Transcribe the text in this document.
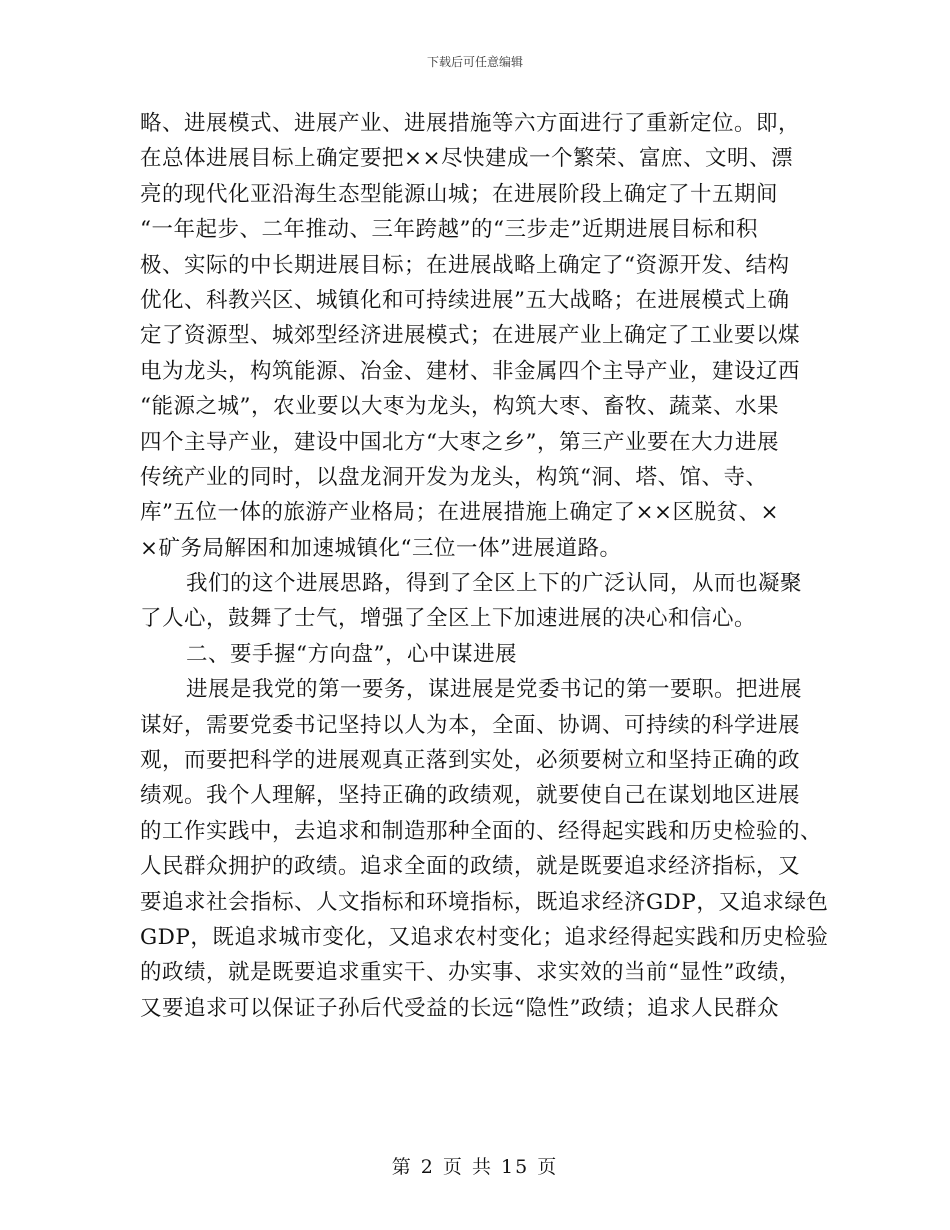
下载后可任意编辑
略、进展模式、进展产业、进展措施等六方面进行了重新定位。即，
在总体进展目标上确定要把××尽快建成一个繁荣、富庶、文明、漂
亮的现代化亚沿海生态型能源山城；在进展阶段上确定了十五期间
“一年起步、二年推动、三年跨越”的“三步走”近期进展目标和积
极、实际的中长期进展目标；在进展战略上确定了“资源开发、结构
优化、科教兴区、城镇化和可持续进展”五大战略；在进展模式上确
定了资源型、城郊型经济进展模式；在进展产业上确定了工业要以煤
电为龙头，构筑能源、冶金、建材、非金属四个主导产业，建设辽西
“能源之城”，农业要以大枣为龙头，构筑大枣、畜牧、蔬菜、水果
四个主导产业，建设中国北方“大枣之乡”，第三产业要在大力进展
传统产业的同时，以盘龙洞开发为龙头，构筑“洞、塔、馆、寺、
库”五位一体的旅游产业格局；在进展措施上确定了××区脱贫、×
×矿务局解困和加速城镇化“三位一体”进展道路。
我们的这个进展思路，得到了全区上下的广泛认同，从而也凝聚
了人心，鼓舞了士气，增强了全区上下加速进展的决心和信心。
二、要手握“方向盘”，心中谋进展
进展是我党的第一要务，谋进展是党委书记的第一要职。把进展
谋好，需要党委书记坚持以人为本，全面、协调、可持续的科学进展
观，而要把科学的进展观真正落到实处，必须要树立和坚持正确的政
绩观。我个人理解，坚持正确的政绩观，就要使自己在谋划地区进展
的工作实践中，去追求和制造那种全面的、经得起实践和历史检验的、
人民群众拥护的政绩。追求全面的政绩，就是既要追求经济指标，又
要追求社会指标、人文指标和环境指标，既追求经济GDP，又追求绿色
GDP，既追求城市变化，又追求农村变化；追求经得起实践和历史检验
的政绩，就是既要追求重实干、办实事、求实效的当前“显性”政绩，
又要追求可以保证子孙后代受益的长远“隐性”政绩；追求人民群众
第 2 页 共 15 页
